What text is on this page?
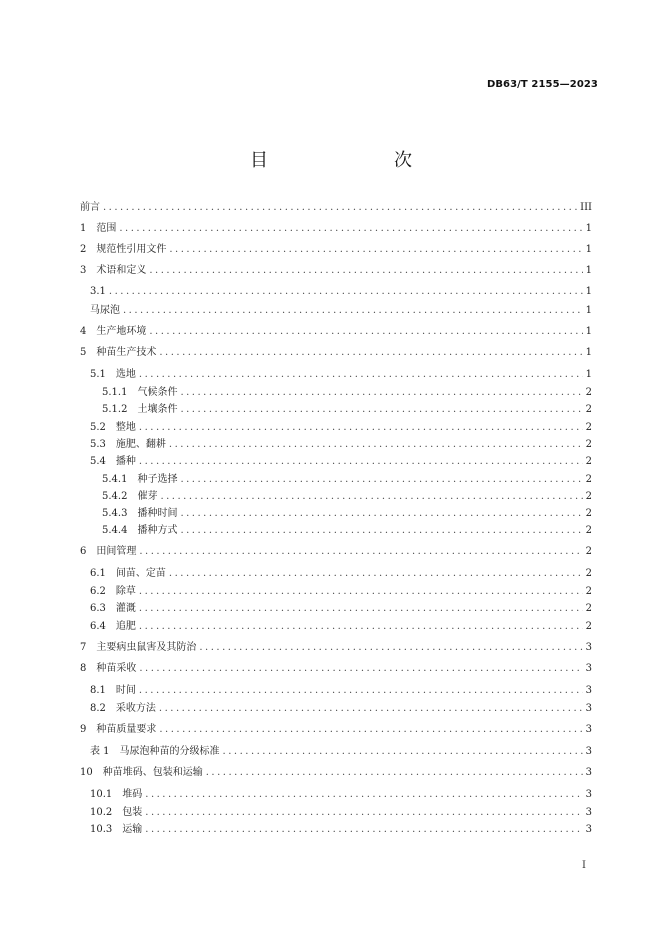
DB63/T 2155—2023
目　　次
前言 .....	III
1　范围 .....	1
2　规范性引用文件 .....	1
3　术语和定义 .....	1
3.1 .....	1
马尿泡 .....	1
4　生产地环境 .....	1
5　种苗生产技术 .....	1
5.1　选地 .....	1
5.1.1　气候条件 .....	2
5.1.2　土壤条件 .....	2
5.2　整地 .....	2
5.3　施肥、翻耕 .....	2
5.4　播种 .....	2
5.4.1　种子选择 .....	2
5.4.2　催芽 .....	2
5.4.3　播种时间 .....	2
5.4.4　播种方式 .....	2
6　田间管理 .....	2
6.1　间苗、定苗 .....	2
6.2　除草 .....	2
6.3　灌溉 .....	2
6.4　追肥 .....	2
7　主要病虫鼠害及其防治 .....	3
8　种苗采收 .....	3
8.1　时间 .....	3
8.2　采收方法 .....	3
9　种苗质量要求 .....	3
表 1　马尿泡种苗的分级标准 .....	3
10　种苗堆码、包装和运输 .....	3
10.1　堆码 .....	3
10.2　包装 .....	3
10.3　运输 .....	3
I
